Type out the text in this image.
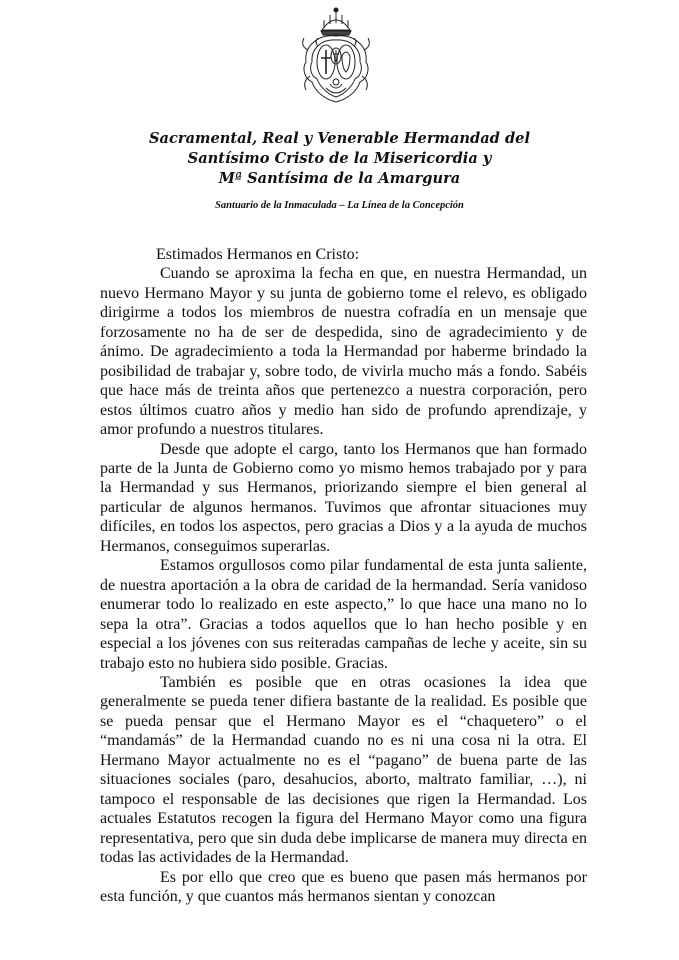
Sacramental, Real y Venerable Hermandad del
Santísimo Cristo de la Misericordia y
Mª Santísima de la Amargura
Santuario de la Inmaculada – La Línea de la Concepción

Estimados Hermanos en Cristo:

Cuando se aproxima la fecha en que, en nuestra Hermandad, un nuevo Hermano Mayor y su junta de gobierno tome el relevo, es obligado dirigirme a todos los miembros de nuestra cofradía en un mensaje que forzosamente no ha de ser de despedida, sino de agradecimiento y de ánimo. De agradecimiento a toda la Hermandad por haberme brindado la posibilidad de trabajar y, sobre todo, de vivirla mucho más a fondo. Sabéis que hace más de treinta años que pertenezco a nuestra corporación, pero estos últimos cuatro años y medio han sido de profundo aprendizaje, y amor profundo a nuestros titulares.

Desde que adopte el cargo, tanto los Hermanos que han formado parte de la Junta de Gobierno como yo mismo hemos trabajado por y para la Hermandad y sus Hermanos, priorizando siempre el bien general al particular de algunos hermanos. Tuvimos que afrontar situaciones muy difíciles, en todos los aspectos, pero gracias a Dios y a la ayuda de muchos Hermanos, conseguimos superarlas.

Estamos orgullosos como pilar fundamental de esta junta saliente, de nuestra aportación a la obra de caridad de la hermandad. Sería vanidoso enumerar todo lo realizado en este aspecto,” lo que hace una mano no lo sepa la otra”. Gracias a todos aquellos que lo han hecho posible y en especial a los jóvenes con sus reiteradas campañas de leche y aceite, sin su trabajo esto no hubiera sido posible. Gracias.

También es posible que en otras ocasiones la idea que generalmente se pueda tener difiera bastante de la realidad. Es posible que se pueda pensar que el Hermano Mayor es el “chaquetero” o el “mandamás” de la Hermandad cuando no es ni una cosa ni la otra. El Hermano Mayor actualmente no es el “pagano” de buena parte de las situaciones sociales (paro, desahucios, aborto, maltrato familiar, …), ni tampoco el responsable de las decisiones que rigen la Hermandad. Los actuales Estatutos recogen la figura del Hermano Mayor como una figura representativa, pero que sin duda debe implicarse de manera muy directa en todas las actividades de la Hermandad.

Es por ello que creo que es bueno que pasen más hermanos por esta función, y que cuantos más hermanos sientan y conozcan
